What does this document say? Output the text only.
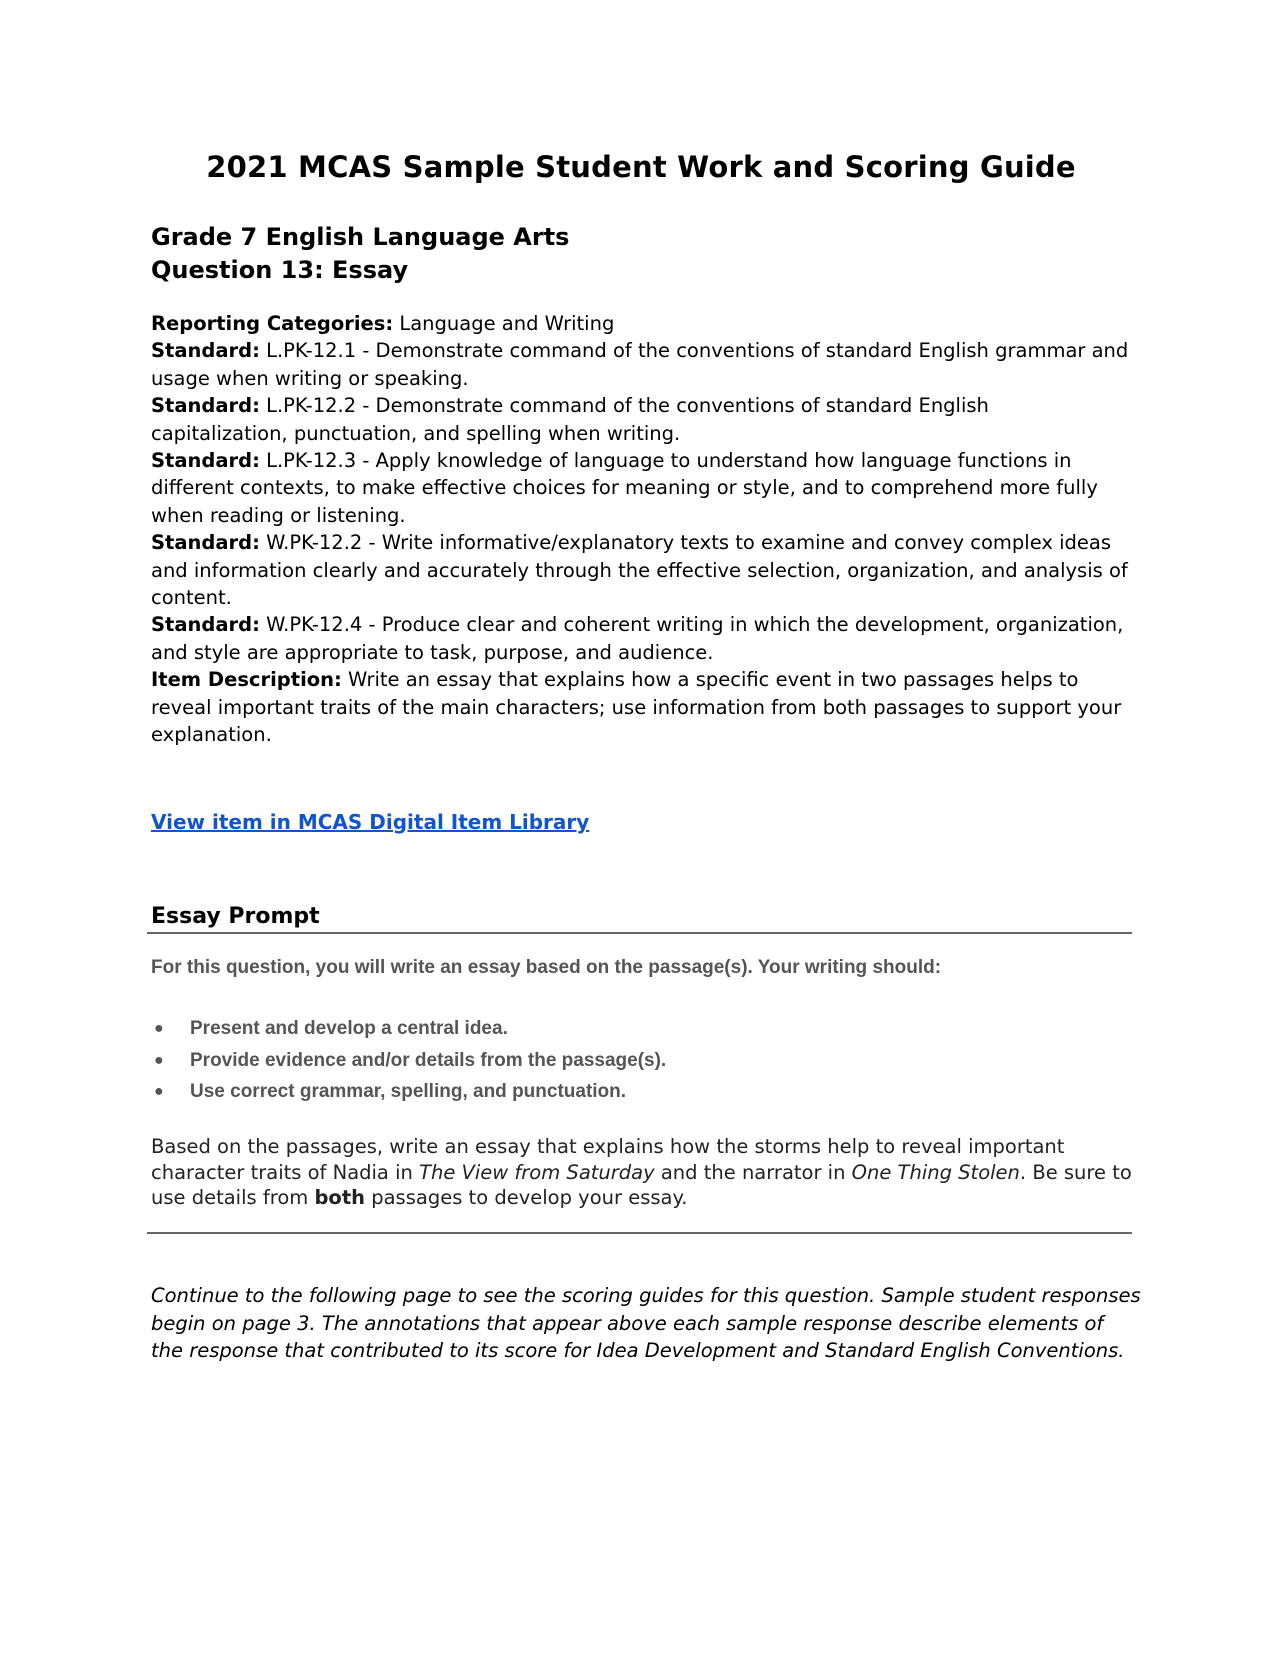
2021 MCAS Sample Student Work and Scoring Guide
Grade 7 English Language Arts
Question 13: Essay

Reporting Categories: Language and Writing

Standard: L.PK-12.1 - Demonstrate command of the conventions of standard English grammar and usage when writing or speaking.

Standard: L.PK-12.2 - Demonstrate command of the conventions of standard English capitalization, punctuation, and spelling when writing.

Standard: L.PK-12.3 - Apply knowledge of language to understand how language functions in different contexts, to make effective choices for meaning or style, and to comprehend more fully when reading or listening.

Standard: W.PK-12.2 - Write informative/explanatory texts to examine and convey complex ideas and information clearly and accurately through the effective selection, organization, and analysis of content.

Standard: W.PK-12.4 - Produce clear and coherent writing in which the development, organization, and style are appropriate to task, purpose, and audience.

Item Description: Write an essay that explains how a specific event in two passages helps to reveal important traits of the main characters; use information from both passages to support your explanation.

View item in MCAS Digital Item Library
Essay Prompt
For this question, you will write an essay based on the passage(s). Your writing should:
● Present and develop a central idea.
● Provide evidence and/or details from the passage(s).
● Use correct grammar, spelling, and punctuation.

Based on the passages, write an essay that explains how the storms help to reveal important character traits of Nadia in The View from Saturday and the narrator in One Thing Stolen. Be sure to use details from both passages to develop your essay.

Continue to the following page to see the scoring guides for this question. Sample student responses begin on page 3. The annotations that appear above each sample response describe elements of the response that contributed to its score for Idea Development and Standard English Conventions.
